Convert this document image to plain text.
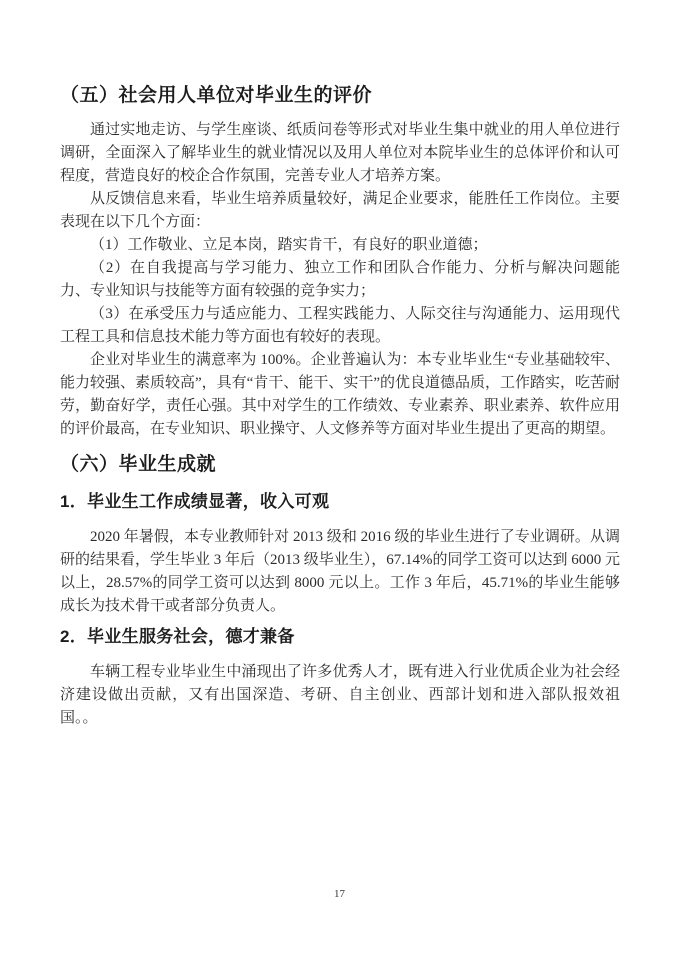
（五）社会用人单位对毕业生的评价

通过实地走访、与学生座谈、纸质问卷等形式对毕业生集中就业的用人单位进行调研，全面深入了解毕业生的就业情况以及用人单位对本院毕业生的总体评价和认可程度，营造良好的校企合作氛围，完善专业人才培养方案。

从反馈信息来看，毕业生培养质量较好，满足企业要求，能胜任工作岗位。主要表现在以下几个方面：

（1）工作敬业、立足本岗，踏实肯干，有良好的职业道德；

（2）在自我提高与学习能力、独立工作和团队合作能力、分析与解决问题能力、专业知识与技能等方面有较强的竞争实力；

（3）在承受压力与适应能力、工程实践能力、人际交往与沟通能力、运用现代工程工具和信息技术能力等方面也有较好的表现。

企业对毕业生的满意率为 100%。企业普遍认为：本专业毕业生“专业基础较牢、能力较强、素质较高”，具有“肯干、能干、实干”的优良道德品质，工作踏实，吃苦耐劳，勤奋好学，责任心强。其中对学生的工作绩效、专业素养、职业素养、软件应用的评价最高，在专业知识、职业操守、人文修养等方面对毕业生提出了更高的期望。

（六）毕业生成就
1．毕业生工作成绩显著，收入可观

2020 年暑假，本专业教师针对 2013 级和 2016 级的毕业生进行了专业调研。从调研的结果看，学生毕业 3 年后（2013 级毕业生），67.14%的同学工资可以达到 6000 元以上，28.57%的同学工资可以达到 8000 元以上。工作 3 年后，45.71%的毕业生能够成长为技术骨干或者部分负责人。

2．毕业生服务社会，德才兼备

车辆工程专业毕业生中涌现出了许多优秀人才，既有进入行业优质企业为社会经济建设做出贡献，又有出国深造、考研、自主创业、西部计划和进入部队报效祖国。。

17
